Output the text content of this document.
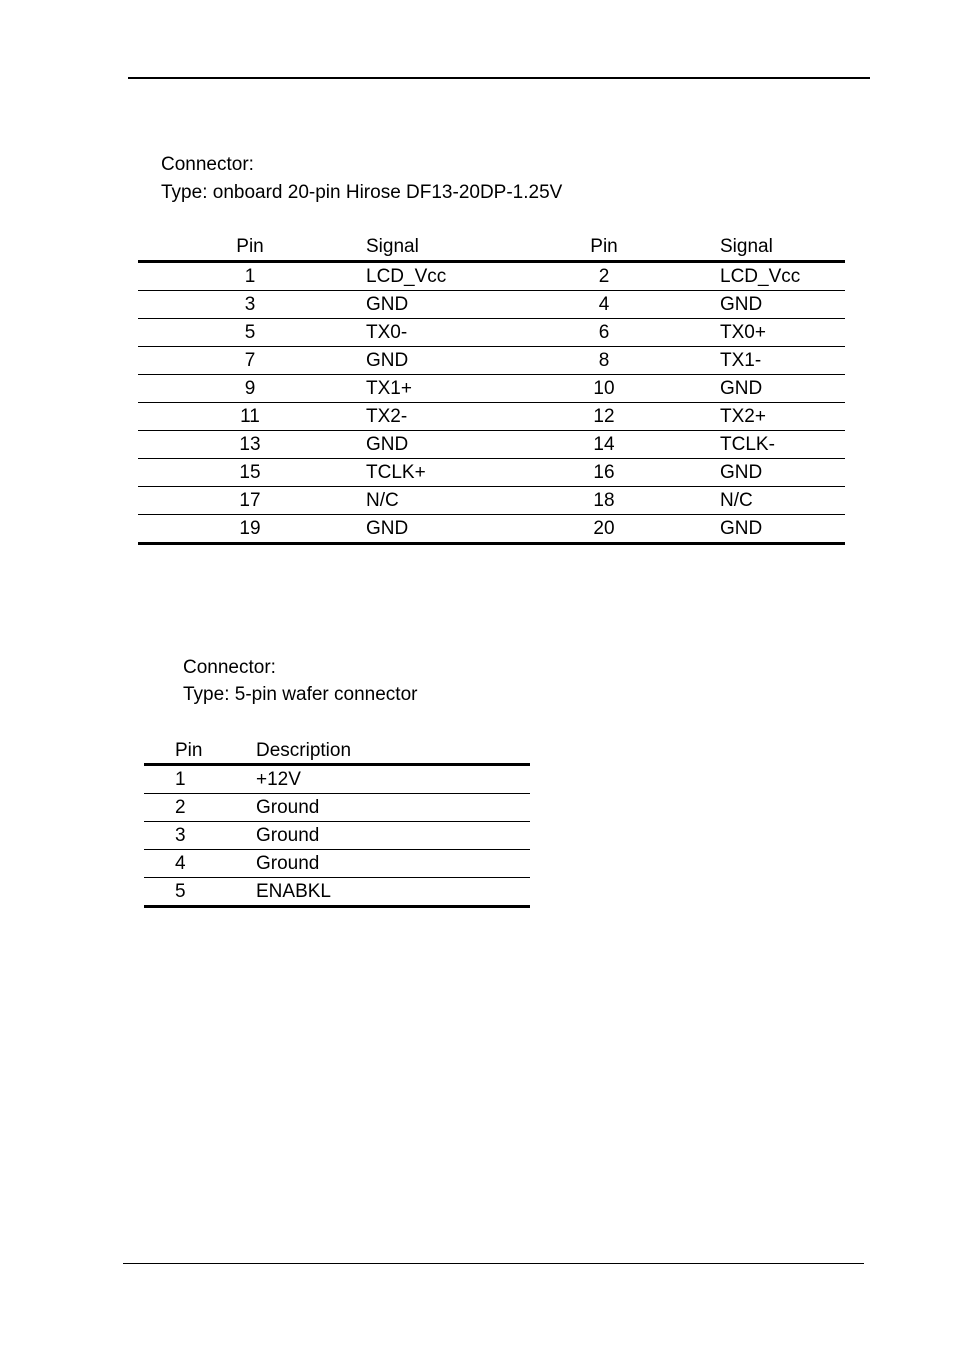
Connector:
Type: onboard 20-pin Hirose DF13-20DP-1.25V
Pin	Signal	Pin	Signal
1	LCD_Vcc	2	LCD_Vcc
3	GND	4	GND
5	TX0-	6	TX0+
7	GND	8	TX1-
9	TX1+	10	GND
11	TX2-	12	TX2+
13	GND	14	TCLK-
15	TCLK+	16	GND
17	N/C	18	N/C
19	GND	20	GND
Connector:
Type: 5-pin wafer connector
Pin	Description
1	+12V
2	Ground
3	Ground
4	Ground
5	ENABKL
